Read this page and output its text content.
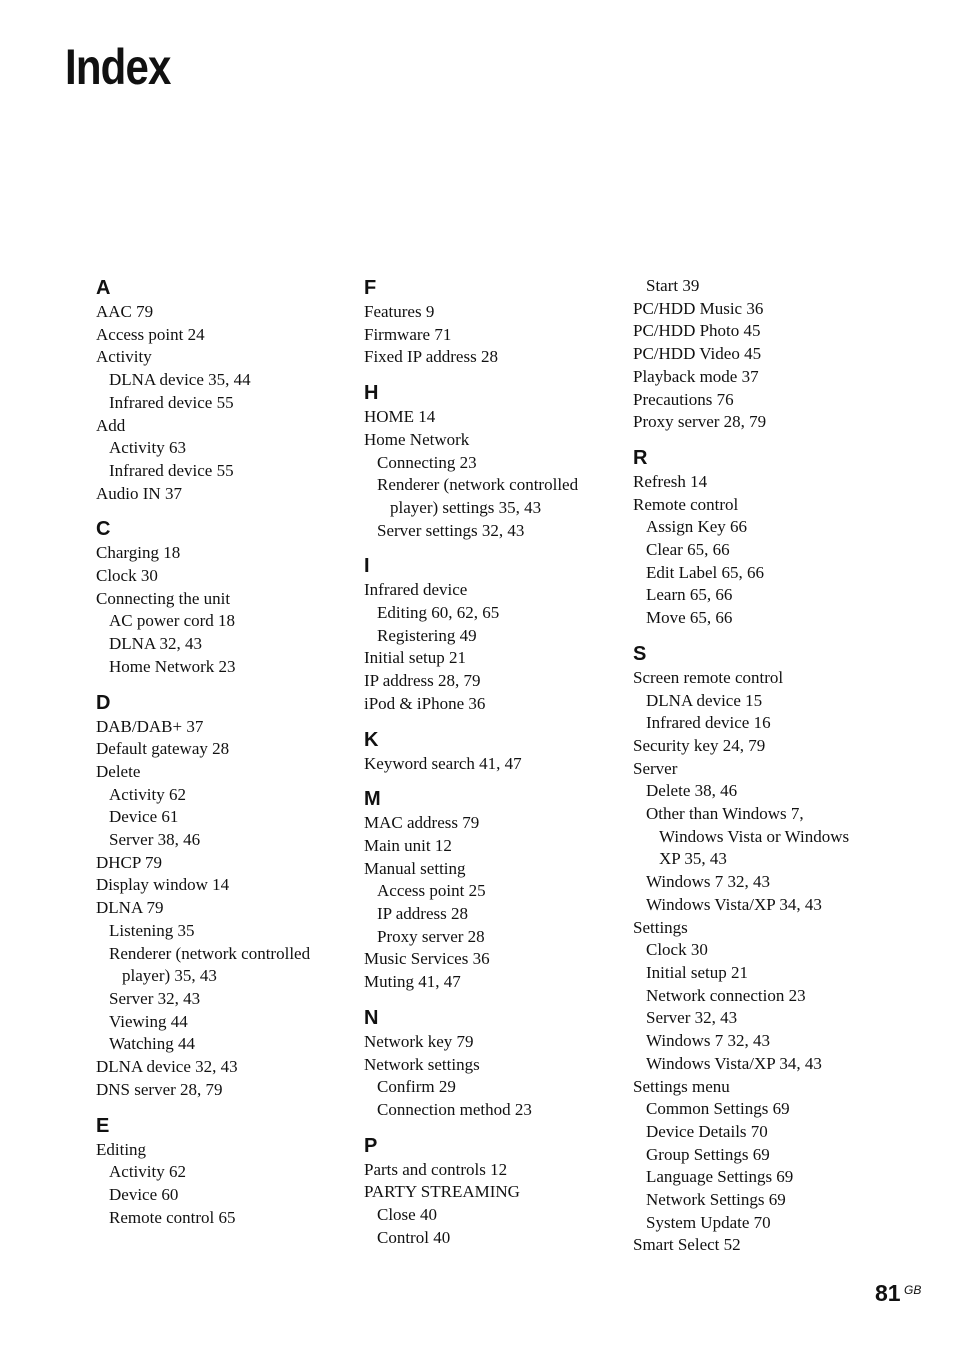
Index
A
AAC 79
Access point 24
Activity
DLNA device 35, 44
Infrared device 55
Add
Activity 63
Infrared device 55
Audio IN 37
C
Charging 18
Clock 30
Connecting the unit
AC power cord 18
DLNA 32, 43
Home Network 23
D
DAB/DAB+ 37
Default gateway 28
Delete
Activity 62
Device 61
Server 38, 46
DHCP 79
Display window 14
DLNA 79
Listening 35
Renderer (network controlled
player) 35, 43
Server 32, 43
Viewing 44
Watching 44
DLNA device 32, 43
DNS server 28, 79
E
Editing
Activity 62
Device 60
Remote control 65
F
Features 9
Firmware 71
Fixed IP address 28
H
HOME 14
Home Network
Connecting 23
Renderer (network controlled
player) settings 35, 43
Server settings 32, 43
I
Infrared device
Editing 60, 62, 65
Registering 49
Initial setup 21
IP address 28, 79
iPod & iPhone 36
K
Keyword search 41, 47
M
MAC address 79
Main unit 12
Manual setting
Access point 25
IP address 28
Proxy server 28
Music Services 36
Muting 41, 47
N
Network key 79
Network settings
Confirm 29
Connection method 23
P
Parts and controls 12
PARTY STREAMING
Close 40
Control 40
Start 39
PC/HDD Music 36
PC/HDD Photo 45
PC/HDD Video 45
Playback mode 37
Precautions 76
Proxy server 28, 79
R
Refresh 14
Remote control
Assign Key 66
Clear 65, 66
Edit Label 65, 66
Learn 65, 66
Move 65, 66
S
Screen remote control
DLNA device 15
Infrared device 16
Security key 24, 79
Server
Delete 38, 46
Other than Windows 7,
Windows Vista or Windows
XP 35, 43
Windows 7 32, 43
Windows Vista/XP 34, 43
Settings
Clock 30
Initial setup 21
Network connection 23
Server 32, 43
Windows 7 32, 43
Windows Vista/XP 34, 43
Settings menu
Common Settings 69
Device Details 70
Group Settings 69
Language Settings 69
Network Settings 69
System Update 70
Smart Select 52
81 GB
